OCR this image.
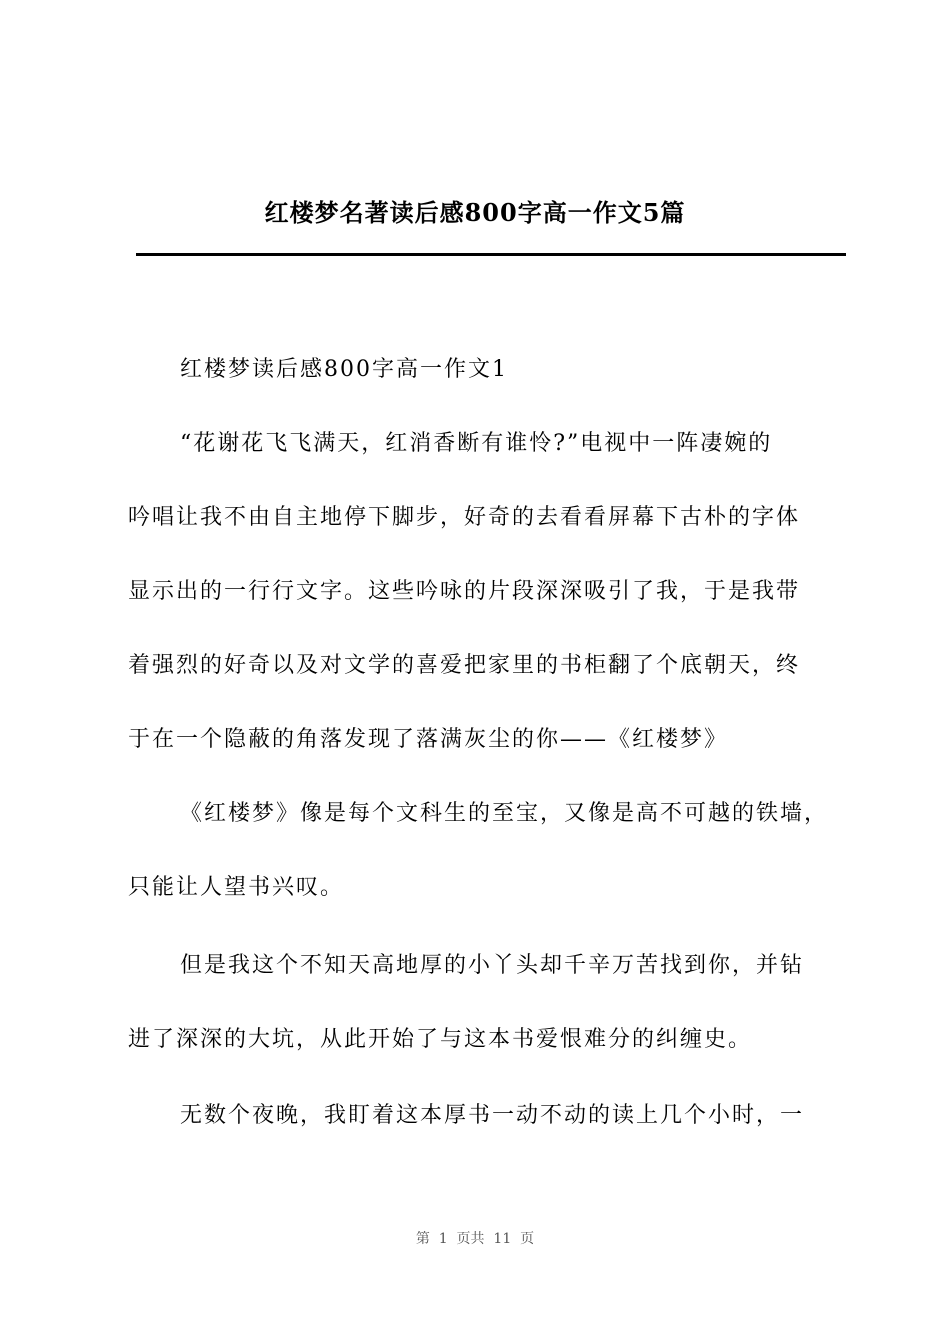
红楼梦名著读后感800字高一作文5篇
红楼梦读后感800字高一作文1
“花谢花飞飞满天，红消香断有谁怜?”电视中一阵凄婉的
吟唱让我不由自主地停下脚步，好奇的去看看屏幕下古朴的字体
显示出的一行行文字。这些吟咏的片段深深吸引了我，于是我带
着强烈的好奇以及对文学的喜爱把家里的书柜翻了个底朝天，终
于在一个隐蔽的角落发现了落满灰尘的你——《红楼梦》
《红楼梦》像是每个文科生的至宝，又像是高不可越的铁墙，
只能让人望书兴叹。
但是我这个不知天高地厚的小丫头却千辛万苦找到你，并钻
进了深深的大坑，从此开始了与这本书爱恨难分的纠缠史。
无数个夜晚，我盯着这本厚书一动不动的读上几个小时，一
第  1  页共  11  页
